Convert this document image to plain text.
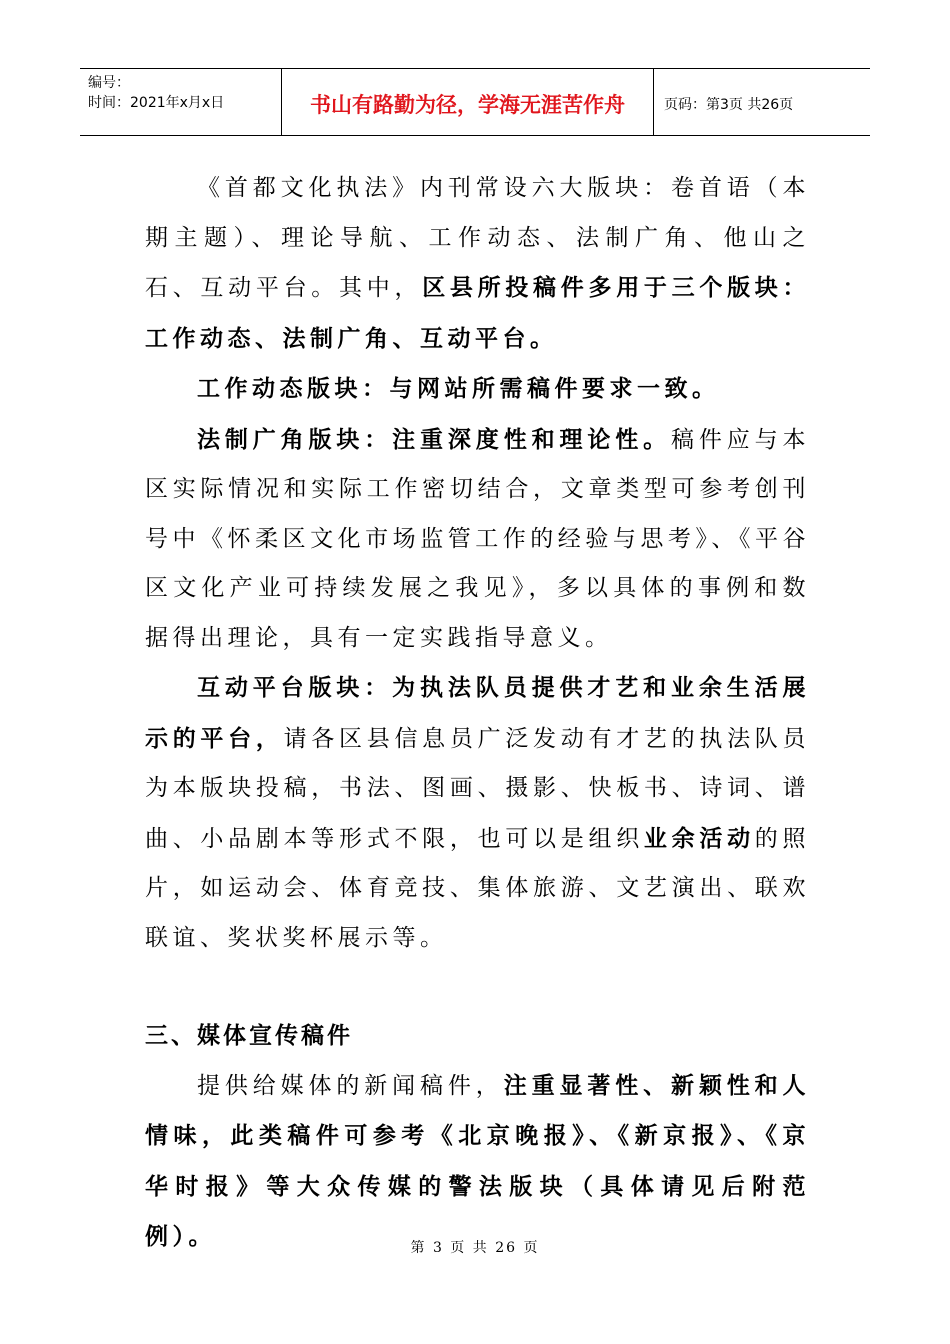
编号：
时间：2021年x月x日	书山有路勤为径，学海无涯苦作舟	页码：第3页 共26页

《首都文化执法》内刊常设六大版块：卷首语（本期主题）、理论导航、工作动态、法制广角、他山之石、互动平台。其中，区县所投稿件多用于三个版块：工作动态、法制广角、互动平台。

工作动态版块：与网站所需稿件要求一致。

法制广角版块：注重深度性和理论性。稿件应与本区实际情况和实际工作密切结合，文章类型可参考创刊号中《怀柔区文化市场监管工作的经验与思考》、《平谷区文化产业可持续发展之我见》，多以具体的事例和数据得出理论，具有一定实践指导意义。

互动平台版块：为执法队员提供才艺和业余生活展示的平台，请各区县信息员广泛发动有才艺的执法队员为本版块投稿，书法、图画、摄影、快板书、诗词、谱曲、小品剧本等形式不限，也可以是组织业余活动的照片，如运动会、体育竞技、集体旅游、文艺演出、联欢联谊、奖状奖杯展示等。

三、媒体宣传稿件

提供给媒体的新闻稿件，注重显著性、新颖性和人情味，此类稿件可参考《北京晚报》、《新京报》、《京华时报》等大众传媒的警法版块（具体请见后附范例）。	第 3 页 共 26 页
